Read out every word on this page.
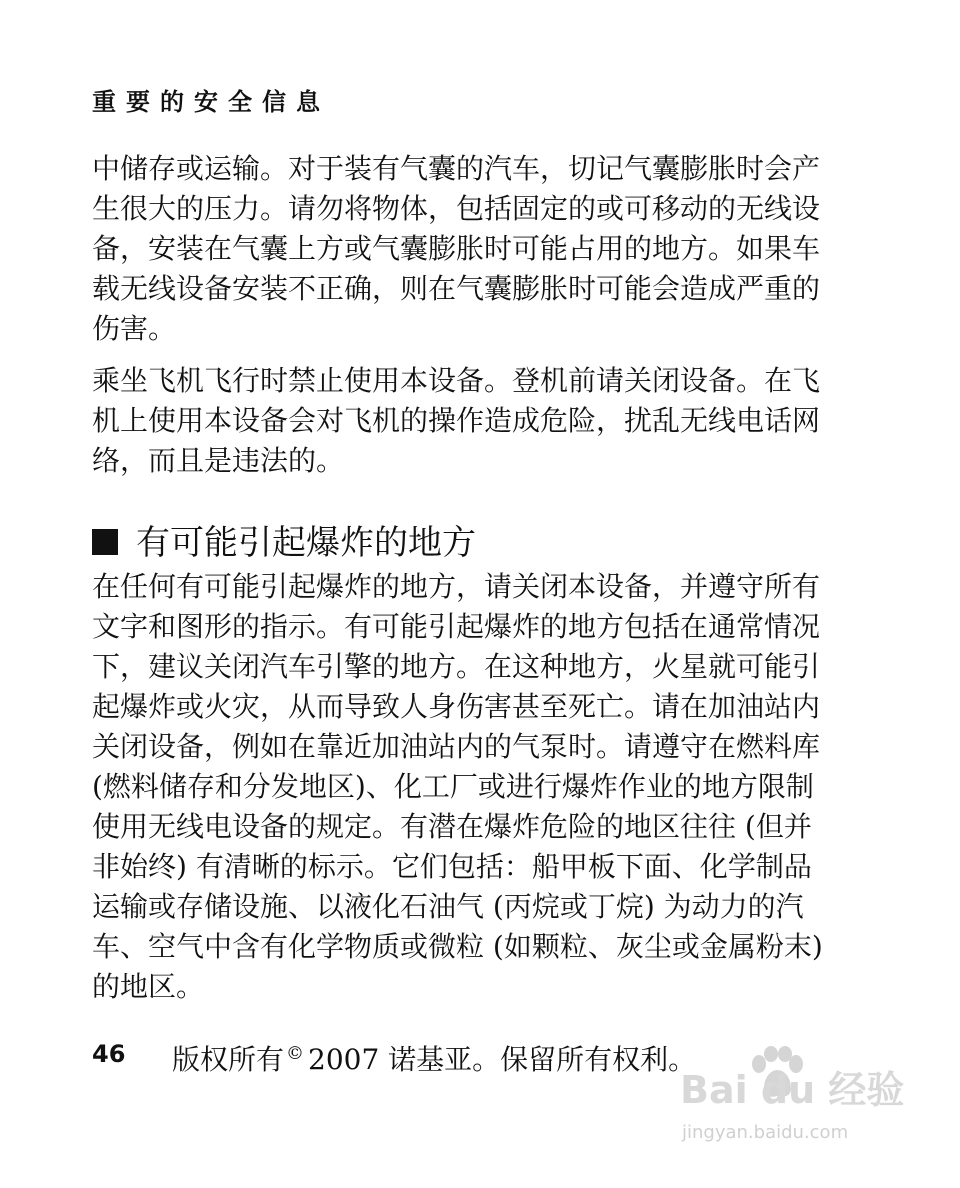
重要的安全信息
中储存或运输。对于装有气囊的汽车，切记气囊膨胀时会产
生很大的压力。请勿将物体，包括固定的或可移动的无线设
备，安装在气囊上方或气囊膨胀时可能占用的地方。如果车
载无线设备安装不正确，则在气囊膨胀时可能会造成严重的
伤害。
乘坐飞机飞行时禁止使用本设备。登机前请关闭设备。在飞
机上使用本设备会对飞机的操作造成危险，扰乱无线电话网
络，而且是违法的。
有可能引起爆炸的地方
在任何有可能引起爆炸的地方，请关闭本设备，并遵守所有
文字和图形的指示。有可能引起爆炸的地方包括在通常情况
下，建议关闭汽车引擎的地方。在这种地方，火星就可能引
起爆炸或火灾，从而导致人身伤害甚至死亡。请在加油站内
关闭设备，例如在靠近加油站内的气泵时。请遵守在燃料库
(燃料储存和分发地区)、化工厂或进行爆炸作业的地方限制
使用无线电设备的规定。有潜在爆炸危险的地区往往 (但并
非始终) 有清晰的标示。它们包括：船甲板下面、化学制品
运输或存储设施、以液化石油气 (丙烷或丁烷) 为动力的汽
车、空气中含有化学物质或微粒 (如颗粒、灰尘或金属粉末)
的地区。
46 版权所有 © 2007 诺基亚。保留所有权利。
Bai du 经验
jingyan.baidu.com
